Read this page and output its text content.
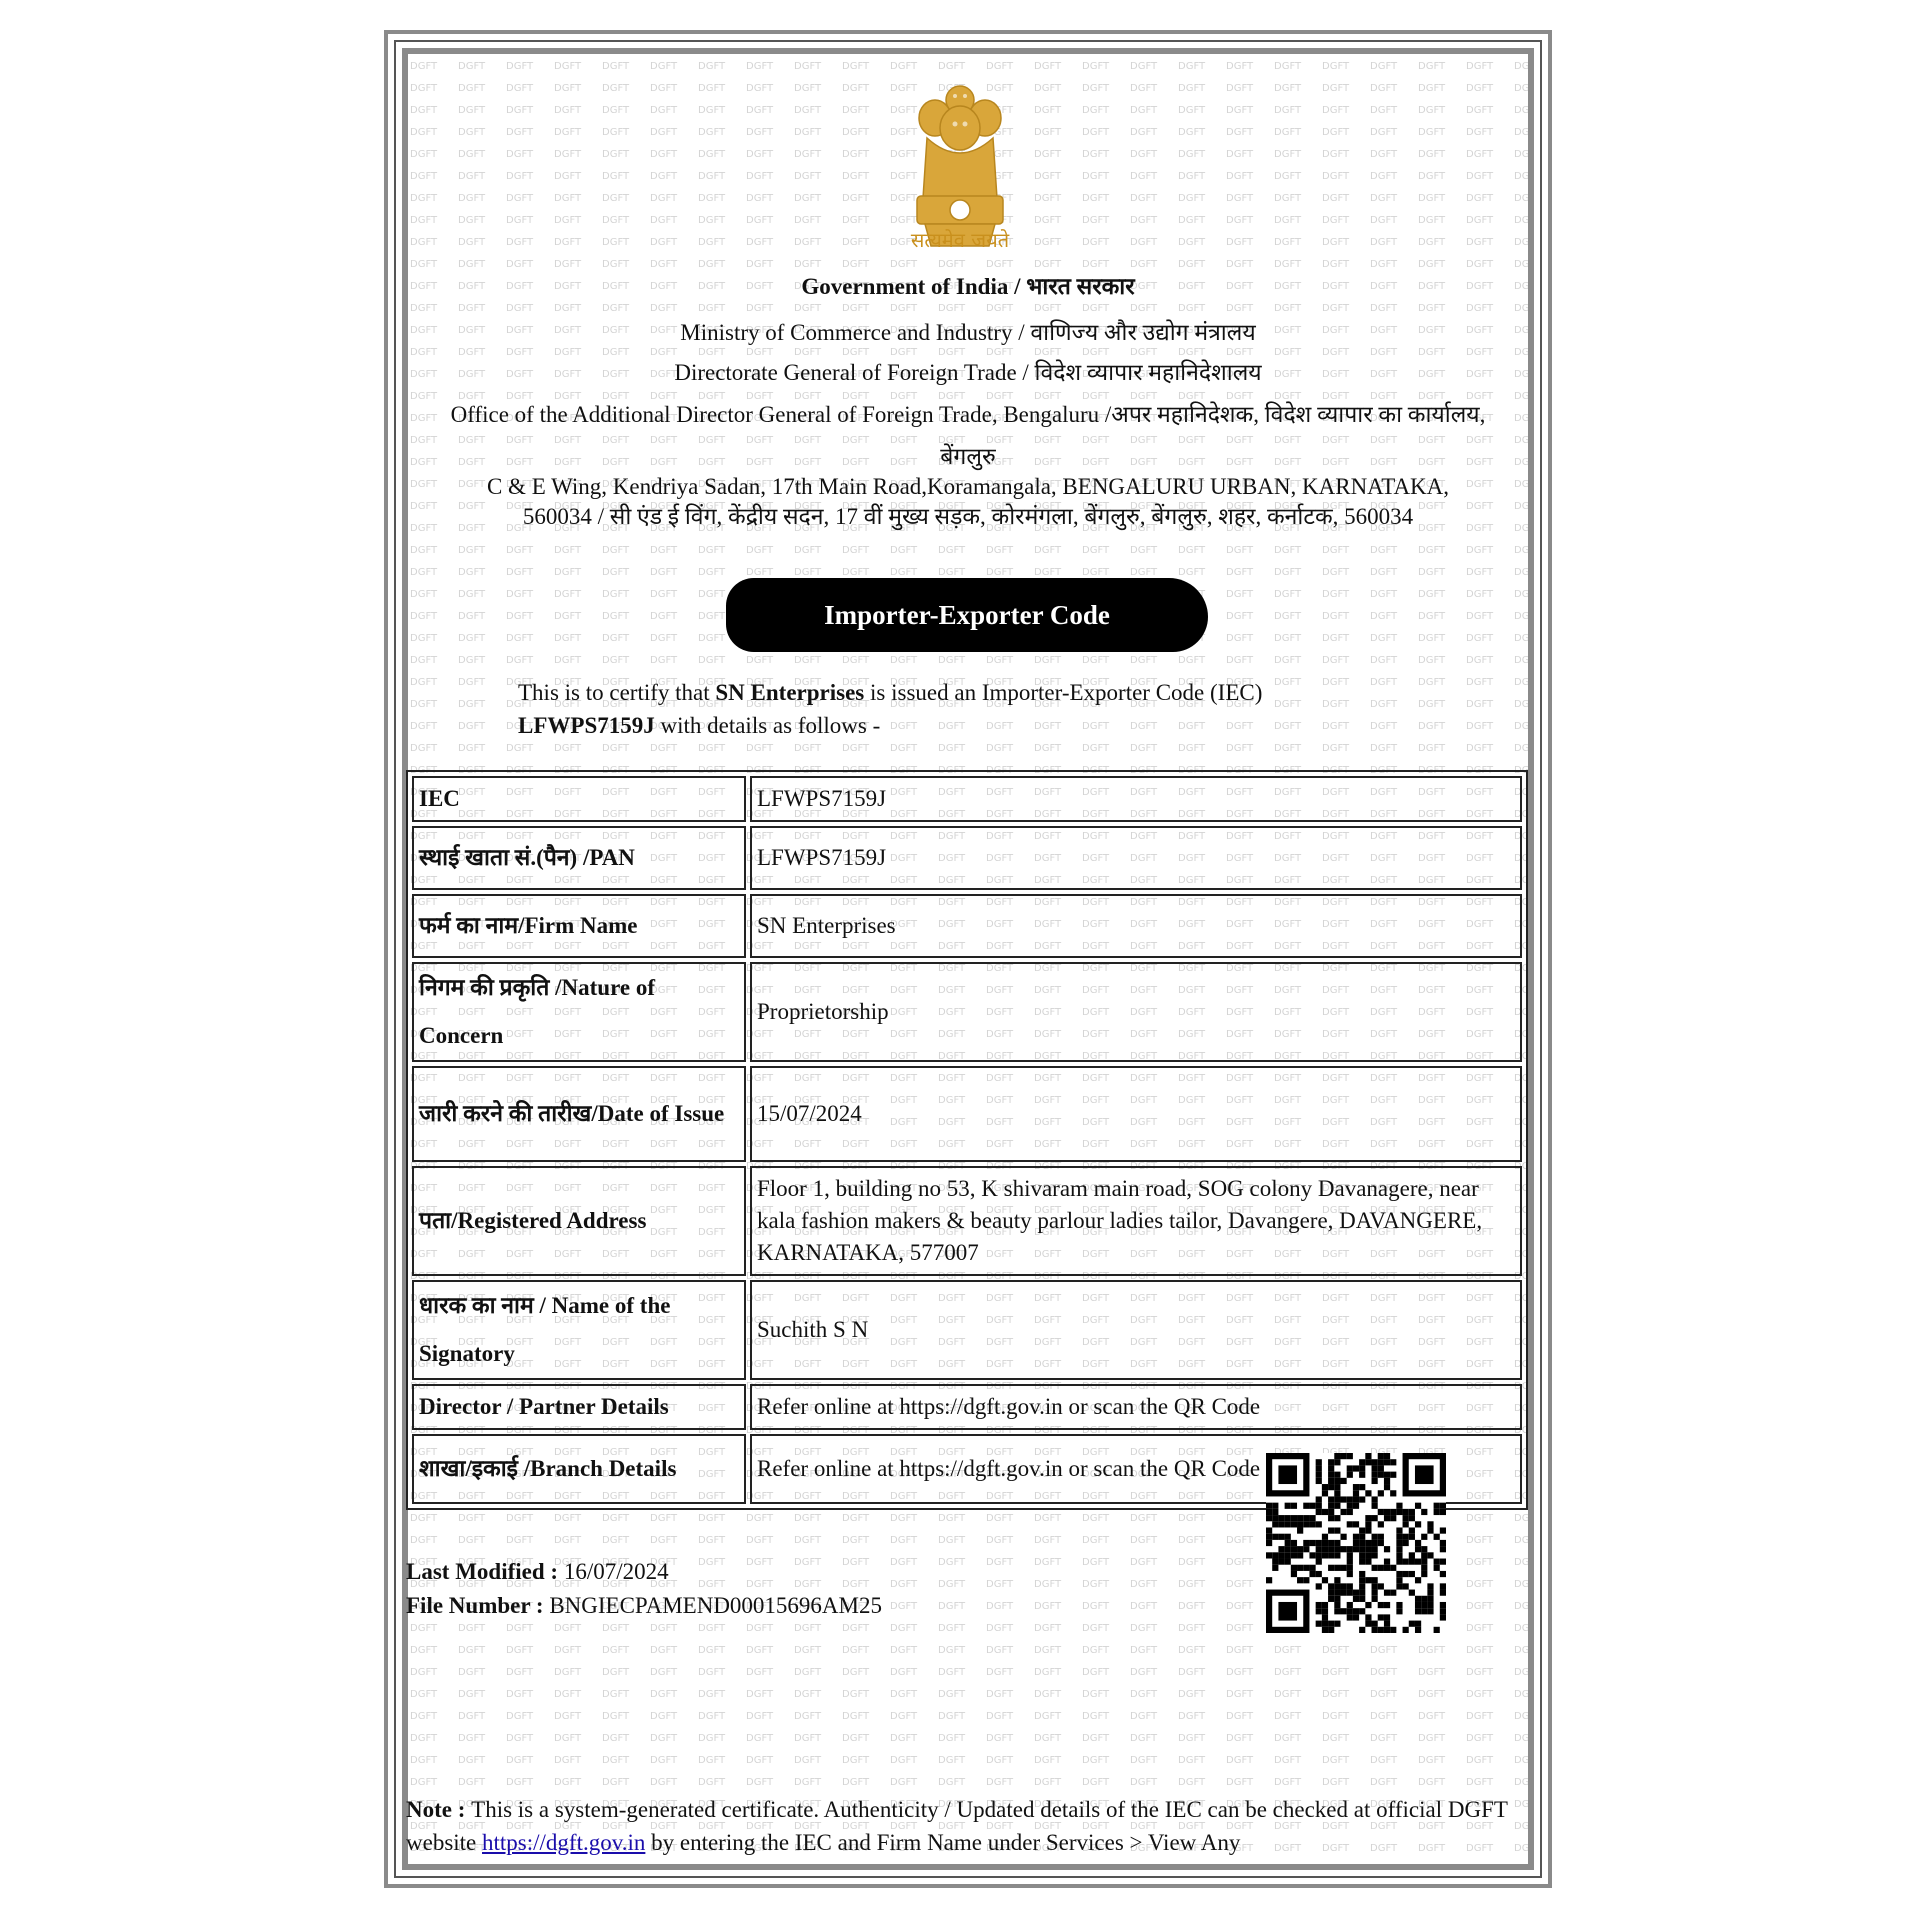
सत्यमेव जयते
Government of India / भारत सरकार
Ministry of Commerce and Industry / वाणिज्य और उद्योग मंत्रालय
Directorate General of Foreign Trade / विदेश व्यापार महानिदेशालय
Office of the Additional Director General of Foreign Trade, Bengaluru /अपर महानिदेशक, विदेश व्यापार का कार्यालय,
बेंगलुरु
C & E Wing, Kendriya Sadan, 17th Main Road,Koramangala, BENGALURU URBAN, KARNATAKA,
560034 / सी एंड ई विंग, केंद्रीय सदन, 17 वीं मुख्य सड़क, कोरमंगला, बेंगलुरु, बेंगलुरु, शहर, कर्नाटक, 560034
Importer-Exporter Code
This is to certify that SN Enterprises is issued an Importer-Exporter Code (IEC)
LFWPS7159J with details as follows -
IEC	LFWPS7159J
स्थाई खाता सं.(पैन) /PAN	LFWPS7159J
फर्म का नाम/Firm Name	SN Enterprises
निगम की प्रकृति /Nature of Concern	Proprietorship
जारी करने की तारीख/Date of Issue	15/07/2024
पता/Registered Address	Floor 1, building no 53, K shivaram main road, SOG colony Davanagere, near kala fashion makers & beauty parlour ladies tailor, Davangere, DAVANGERE, KARNATAKA, 577007
धारक का नाम / Name of the Signatory	Suchith S N
Director / Partner Details	Refer online at https://dgft.gov.in or scan the QR Code
शाखा/इकाई /Branch Details	Refer online at https://dgft.gov.in or scan the QR Code
Last Modified : 16/07/2024
File Number : BNGIECPAMEND00015696AM25
Note : This is a system-generated certificate. Authenticity / Updated details of the IEC can be checked at official DGFT website https://dgft.gov.in by entering the IEC and Firm Name under Services > View Any
